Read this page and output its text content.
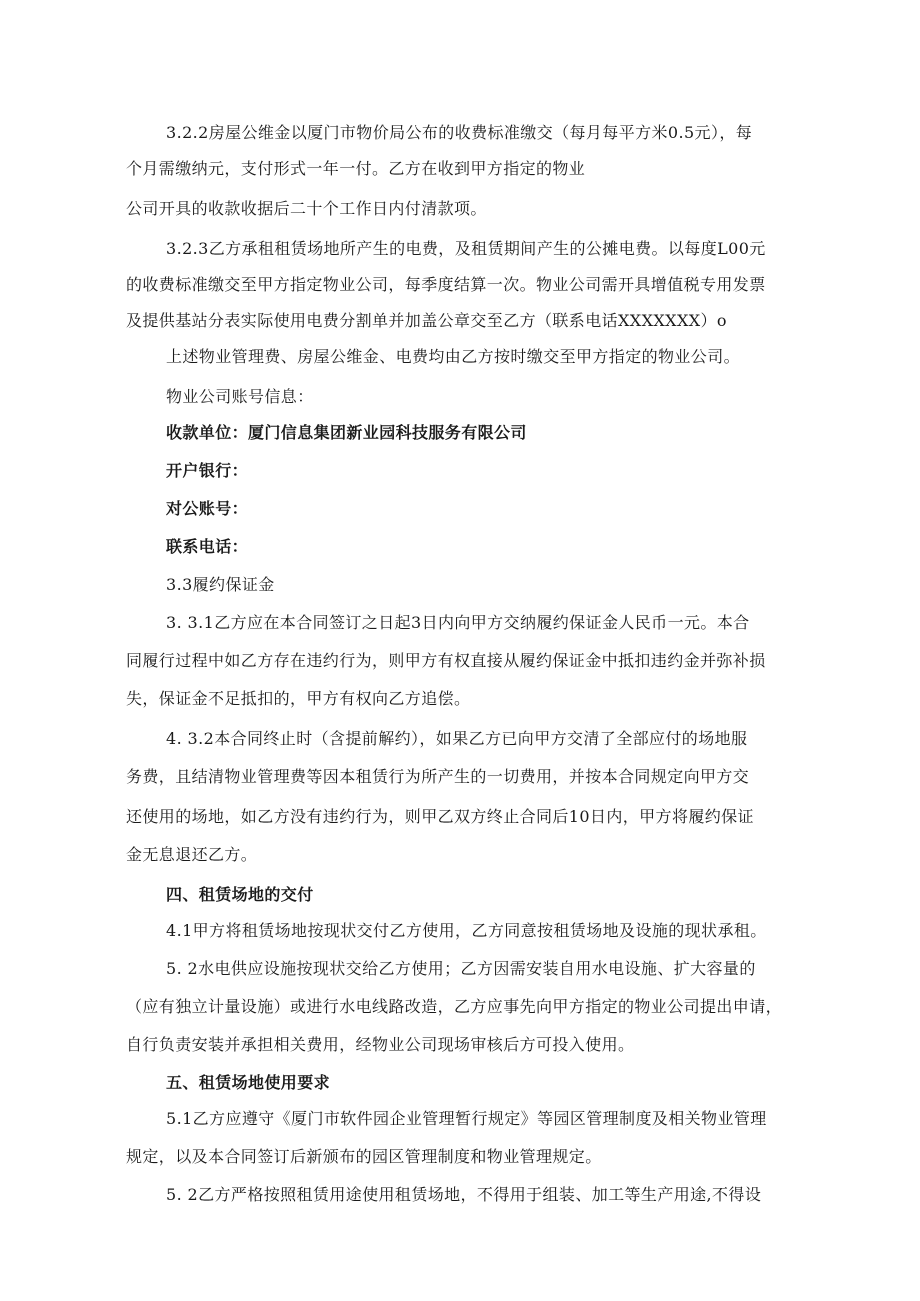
3.2.2房屋公维金以厦门市物价局公布的收费标准缴交（每月每平方米0.5元），每
个月需缴纳元，支付形式一年一付。乙方在收到甲方指定的物业
公司开具的收款收据后二十个工作日内付清款项。
3.2.3乙方承租租赁场地所产生的电费，及租赁期间产生的公摊电费。以每度L00元
的收费标准缴交至甲方指定物业公司，每季度结算一次。物业公司需开具增值税专用发票
及提供基站分表实际使用电费分割单并加盖公章交至乙方（联系电话XXXXXXX）o
上述物业管理费、房屋公维金、电费均由乙方按时缴交至甲方指定的物业公司。
物业公司账号信息：
收款单位：厦门信息集团新业园科技服务有限公司
开户银行：
对公账号：
联系电话：
3.3履约保证金
3. 3.1乙方应在本合同签订之日起3日内向甲方交纳履约保证金人民币一元。本合
同履行过程中如乙方存在违约行为，则甲方有权直接从履约保证金中抵扣违约金并弥补损
失，保证金不足抵扣的，甲方有权向乙方追偿。
4. 3.2本合同终止时（含提前解约），如果乙方已向甲方交清了全部应付的场地服
务费，且结清物业管理费等因本租赁行为所产生的一切费用，并按本合同规定向甲方交
还使用的场地，如乙方没有违约行为，则甲乙双方终止合同后10日内，甲方将履约保证
金无息退还乙方。
四、租赁场地的交付
4.1甲方将租赁场地按现状交付乙方使用，乙方同意按租赁场地及设施的现状承租。
5. 2水电供应设施按现状交给乙方使用；乙方因需安装自用水电设施、扩大容量的
（应有独立计量设施）或进行水电线路改造，乙方应事先向甲方指定的物业公司提出申请，
自行负责安装并承担相关费用，经物业公司现场审核后方可投入使用。
五、租赁场地使用要求
5.1乙方应遵守《厦门市软件园企业管理暂行规定》等园区管理制度及相关物业管理
规定，以及本合同签订后新颁布的园区管理制度和物业管理规定。
5. 2乙方严格按照租赁用途使用租赁场地，不得用于组装、加工等生产用途,不得设
